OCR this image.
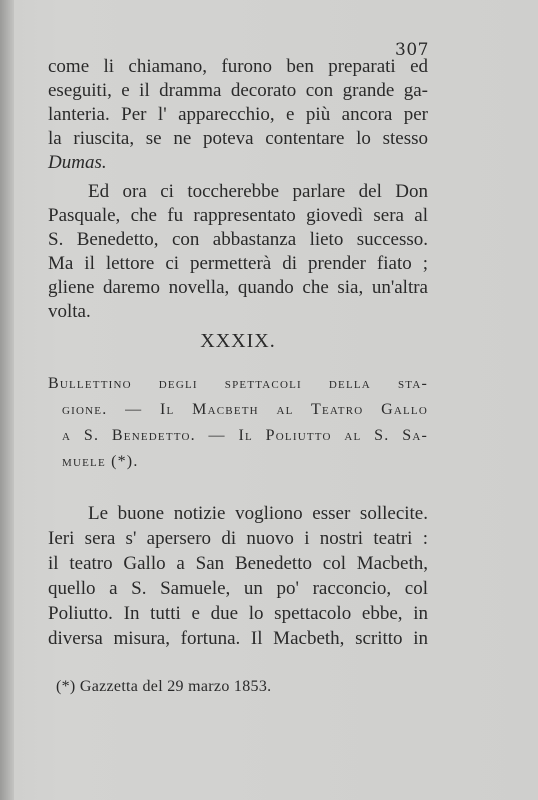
307
come li chiamano, furono ben preparati ed
eseguiti, e il dramma decorato con grande ga-
lanteria. Per l' apparecchio, e più ancora per
la riuscita, se ne poteva contentare lo stesso
Dumas.
Ed ora ci toccherebbe parlare del Don
Pasquale, che fu rappresentato giovedì sera al
S. Benedetto, con abbastanza lieto successo.
Ma il lettore ci permetterà di prender fiato ;
gliene daremo novella, quando che sia, un'altra
volta.
XXXIX.
Bullettino degli spettacoli della sta-
gione. — Il Macbeth al Teatro Gallo
a S. Benedetto. — Il Poliutto al S. Sa-
muele (*).
Le buone notizie vogliono esser sollecite.
Ieri sera s' apersero di nuovo i nostri teatri :
il teatro Gallo a San Benedetto col Macbeth,
quello a S. Samuele, un po' racconcio, col
Poliutto. In tutti e due lo spettacolo ebbe, in
diversa misura, fortuna. Il Macbeth, scritto in
(*) Gazzetta del 29 marzo 1853.
